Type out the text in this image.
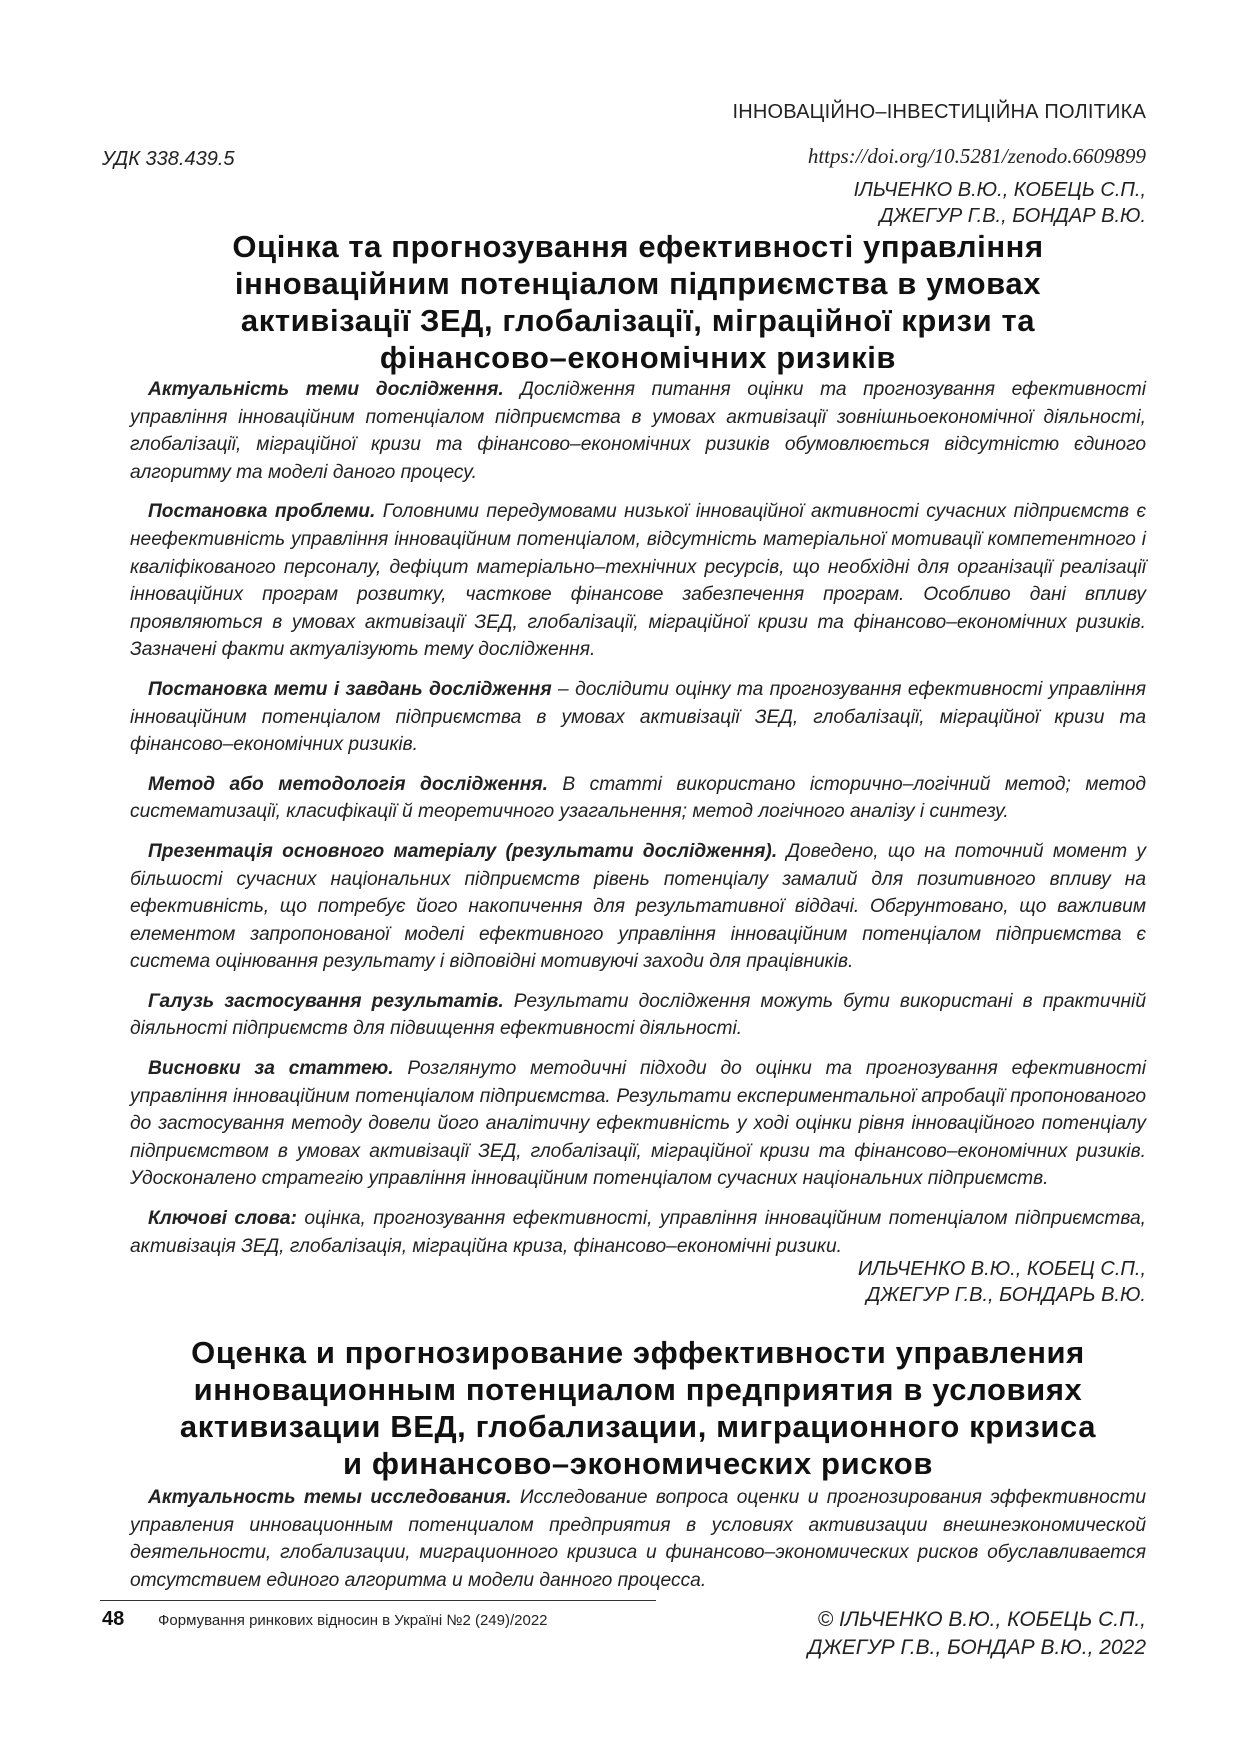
ІННОВАЦІЙНО–ІНВЕСТИЦІЙНА ПОЛІТИКА
УДК 338.439.5	https://doi.org/10.5281/zenodo.6609899
ІЛЬЧЕНКО В.Ю., КОБЕЦЬ С.П.,
ДЖЕГУР Г.В., БОНДАР В.Ю.
Оцінка та прогнозування ефективності управління
інноваційним потенціалом підприємства в умовах
активізації ЗЕД, глобалізації, міграційної кризи та
фінансово–економічних ризиків

Актуальність теми дослідження. Дослідження питання оцінки та прогнозування ефективності управління інноваційним потенціалом підприємства в умовах активізації зовнішньоекономічної діяльності, глобалізації, міграційної кризи та фінансово–економічних ризиків обумовлюється відсутністю єдиного алгоритму та моделі даного процесу.

Постановка проблеми. Головними передумовами низької інноваційної активності сучасних підприємств є неефективність управління інноваційним потенціалом, відсутність матеріальної мотивації компетентного і кваліфікованого персоналу, дефіцит матеріально–технічних ресурсів, що необхідні для організації реалізації інноваційних програм розвитку, часткове фінансове забезпечення програм. Особливо дані впливу проявляються в умовах активізації ЗЕД, глобалізації, міграційної кризи та фінансово–економічних ризиків. Зазначені факти актуалізують тему дослідження.

Постановка мети і завдань дослідження – дослідити оцінку та прогнозування ефективності управління інноваційним потенціалом підприємства в умовах активізації ЗЕД, глобалізації, міграційної кризи та фінансово–економічних ризиків.

Метод або методологія дослідження. В статті використано історично–логічний метод; метод систематизації, класифікації й теоретичного узагальнення; метод логічного аналізу і синтезу.

Презентація основного матеріалу (результати дослідження). Доведено, що на поточний момент у більшості сучасних національних підприємств рівень потенціалу замалий для позитивного впливу на ефективність, що потребує його накопичення для результативної віддачі. Обгрунтовано, що важливим елементом запропонованої моделі ефективного управління інноваційним потенціалом підприємства є система оцінювання результату і відповідні мотивуючі заходи для працівників.

Галузь застосування результатів. Результати дослідження можуть бути використані в практичній діяльності підприємств для підвищення ефективності діяльності.

Висновки за статтею. Розглянуто методичні підходи до оцінки та прогнозування ефективності управління інноваційним потенціалом підприємства. Результати експериментальної апробації пропонованого до застосування методу довели його аналітичну ефективність у ході оцінки рівня інноваційного потенціалу підприємством в умовах активізації ЗЕД, глобалізації, міграційної кризи та фінансово–економічних ризиків. Удосконалено стратегію управління інноваційним потенціалом сучасних національних підприємств.

Ключові слова: оцінка, прогнозування ефективності, управління інноваційним потенціалом підприємства, активізація ЗЕД, глобалізація, міграційна криза, фінансово–економічні ризики.

ИЛЬЧЕНКО В.Ю., КОБЕЦ С.П.,
ДЖЕГУР Г.В., БОНДАРЬ В.Ю.
Оценка и прогнозирование эффективности управления
инновационным потенциалом предприятия в условиях
активизации ВЕД, глобализации, миграционного кризиса
и финансово–экономических рисков

Актуальность темы исследования. Исследование вопроса оценки и прогнозирования эффективности управления инновационным потенциалом предприятия в условиях активизации внешнеэкономической деятельности, глобализации, миграционного кризиса и финансово–экономических рисков обуславливается отсутствием единого алгоритма и модели данного процесса.

48 Формування ринкових відносин в Україні №2 (249)/2022	© ІЛЬЧЕНКО В.Ю., КОБЕЦЬ С.П.,
ДЖЕГУР Г.В., БОНДАР В.Ю., 2022
